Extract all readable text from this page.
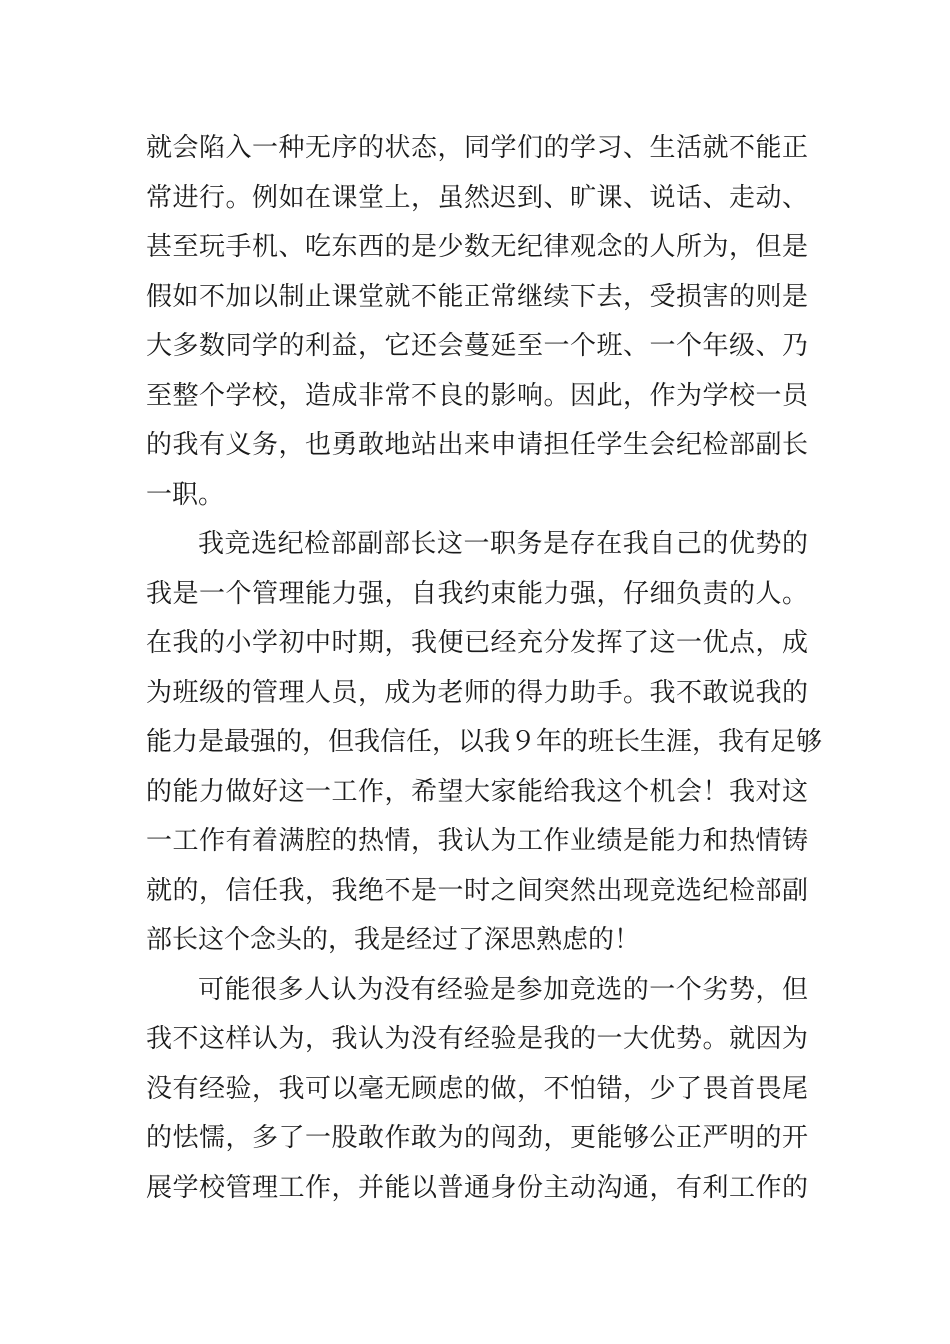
就会陷入一种无序的状态，同学们的学习、生活就不能正
常进行。例如在课堂上，虽然迟到、旷课、说话、走动、
甚至玩手机、吃东西的是少数无纪律观念的人所为，但是
假如不加以制止课堂就不能正常继续下去，受损害的则是
大多数同学的利益，它还会蔓延至一个班、一个年级、乃
至整个学校，造成非常不良的影响。因此，作为学校一员
的我有义务，也勇敢地站出来申请担任学生会纪检部副长
一职。
我竞选纪检部副部长这一职务是存在我自己的优势的
我是一个管理能力强，自我约束能力强，仔细负责的人。
在我的小学初中时期，我便已经充分发挥了这一优点，成
为班级的管理人员，成为老师的得力助手。我不敢说我的
能力是最强的，但我信任，以我９年的班长生涯，我有足够
的能力做好这一工作，希望大家能给我这个机会！我对这
一工作有着满腔的热情，我认为工作业绩是能力和热情铸
就的，信任我，我绝不是一时之间突然出现竞选纪检部副
部长这个念头的，我是经过了深思熟虑的！
可能很多人认为没有经验是参加竞选的一个劣势，但
我不这样认为，我认为没有经验是我的一大优势。就因为
没有经验，我可以毫无顾虑的做，不怕错，少了畏首畏尾
的怯懦，多了一股敢作敢为的闯劲，更能够公正严明的开
展学校管理工作，并能以普通身份主动沟通，有利工作的
